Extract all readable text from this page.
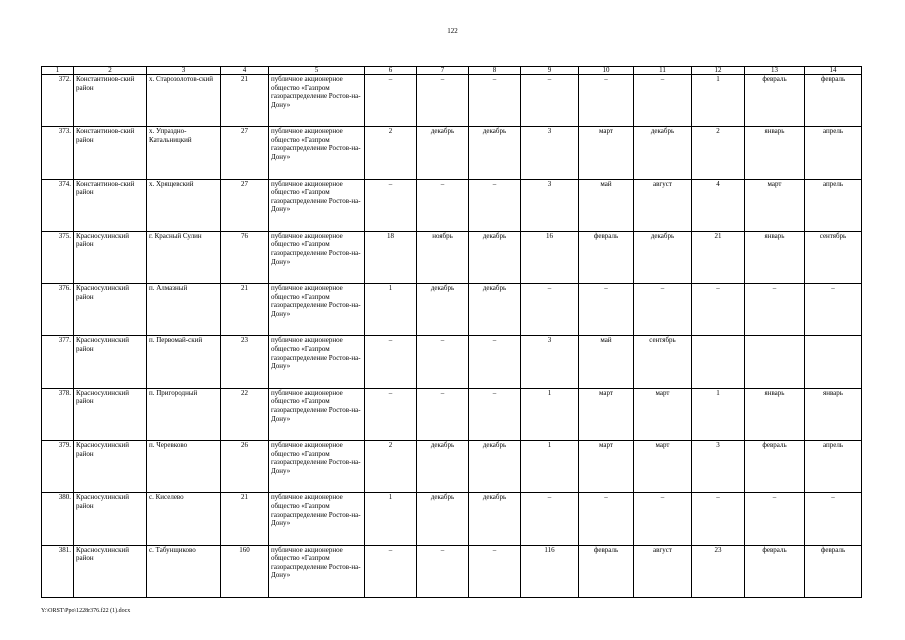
122
1	2	3	4	5	6	7	8	9	10	11	12	13	14
372.	Константинов-ский район	х. Старозолотов-ский	21	публичное акционерное общество «Газпром газораспределение Ростов-на-Дону»	–	–	–	–	–	–	1	февраль	февраль
373.	Константинов-ский район	х. Упраздно-Катальницкий	27	публичное акционерное общество «Газпром газораспределение Ростов-на-Дону»	2	декабрь	декабрь	3	март	декабрь	2	январь	апрель
374.	Константинов-ский район	х. Хрящевский	27	публичное акционерное общество «Газпром газораспределение Ростов-на-Дону»	–	–	–	3	май	август	4	март	апрель
375.	Красносулинский район	г. Красный Сулин	76	публичное акционерное общество «Газпром газораспределение Ростов-на-Дону»	18	ноябрь	декабрь	16	февраль	декабрь	21	январь	сентябрь
376.	Красносулинский район	п. Алмазный	21	публичное акционерное общество «Газпром газораспределение Ростов-на-Дону»	1	декабрь	декабрь	–	–	–	–	–	–
377.	Красносулинский район	п. Первомай-ский	23	публичное акционерное общество «Газпром газораспределение Ростов-на-Дону»	–	–	–	3	май	сентябрь			
378.	Красносулинский район	п. Пригородный	22	публичное акционерное общество «Газпром газораспределение Ростов-на-Дону»	–	–	–	1	март	март	1	январь	январь
379.	Красносулинский район	п. Черевково	26	публичное акционерное общество «Газпром газораспределение Ростов-на-Дону»	2	декабрь	декабрь	1	март	март	3	февраль	апрель
380.	Красносулинский район	с. Киселево	21	публичное акционерное общество «Газпром газораспределение Ростов-на-Дону»	1	декабрь	декабрь	–	–	–	–	–	–
381.	Красносулинский район	с. Табунщиково	160	публичное акционерное общество «Газпром газораспределение Ростов-на-Дону»	–	–	–	116	февраль	август	23	февраль	февраль
Y:\ORST\Ppo\1228r376.f22 (1).docx
